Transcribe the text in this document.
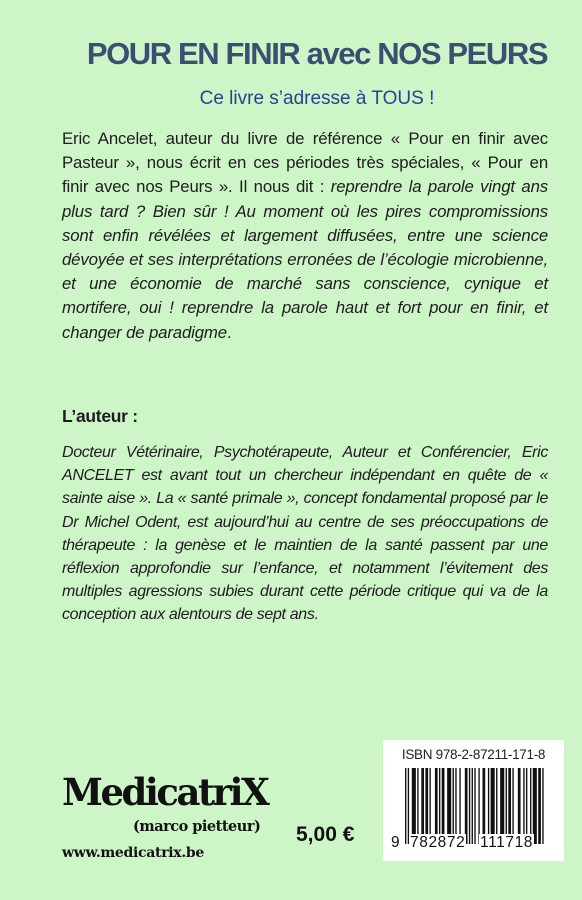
POUR EN FINIR avec NOS PEURS
Ce livre s’adresse à TOUS !
Eric Ancelet, auteur du livre de référence « Pour en finir avec Pasteur », nous écrit en ces périodes très spéciales, « Pour en finir avec nos Peurs ». Il nous dit : reprendre la parole vingt ans plus tard ? Bien sûr ! Au moment où les pires compromissions sont enfin révélées et largement diffusées, entre une science dévoyée et ses interprétations erronées de l’écologie microbienne, et une économie de marché sans conscience, cynique et mortifere, oui ! reprendre la parole haut et fort pour en finir, et changer de paradigme.
L’auteur :
Docteur Vétérinaire, Psychotérapeute, Auteur et Conférencier, Eric ANCELET est avant tout un chercheur indépendant en quête de « sainte aise ». La « santé primale », concept fondamental proposé par le Dr Michel Odent, est aujourd’hui au centre de ses préoccupations de thérapeute : la genèse et le maintien de la santé passent par une réflexion approfondie sur l’enfance, et notamment l’évitement des multiples agressions subies durant cette période critique qui va de la conception aux alentours de sept ans.
MedicatriX
(marco pietteur)
www.medicatrix.be
5,00 €
ISBN 978-2-87211-171-8
9 782872 111718
